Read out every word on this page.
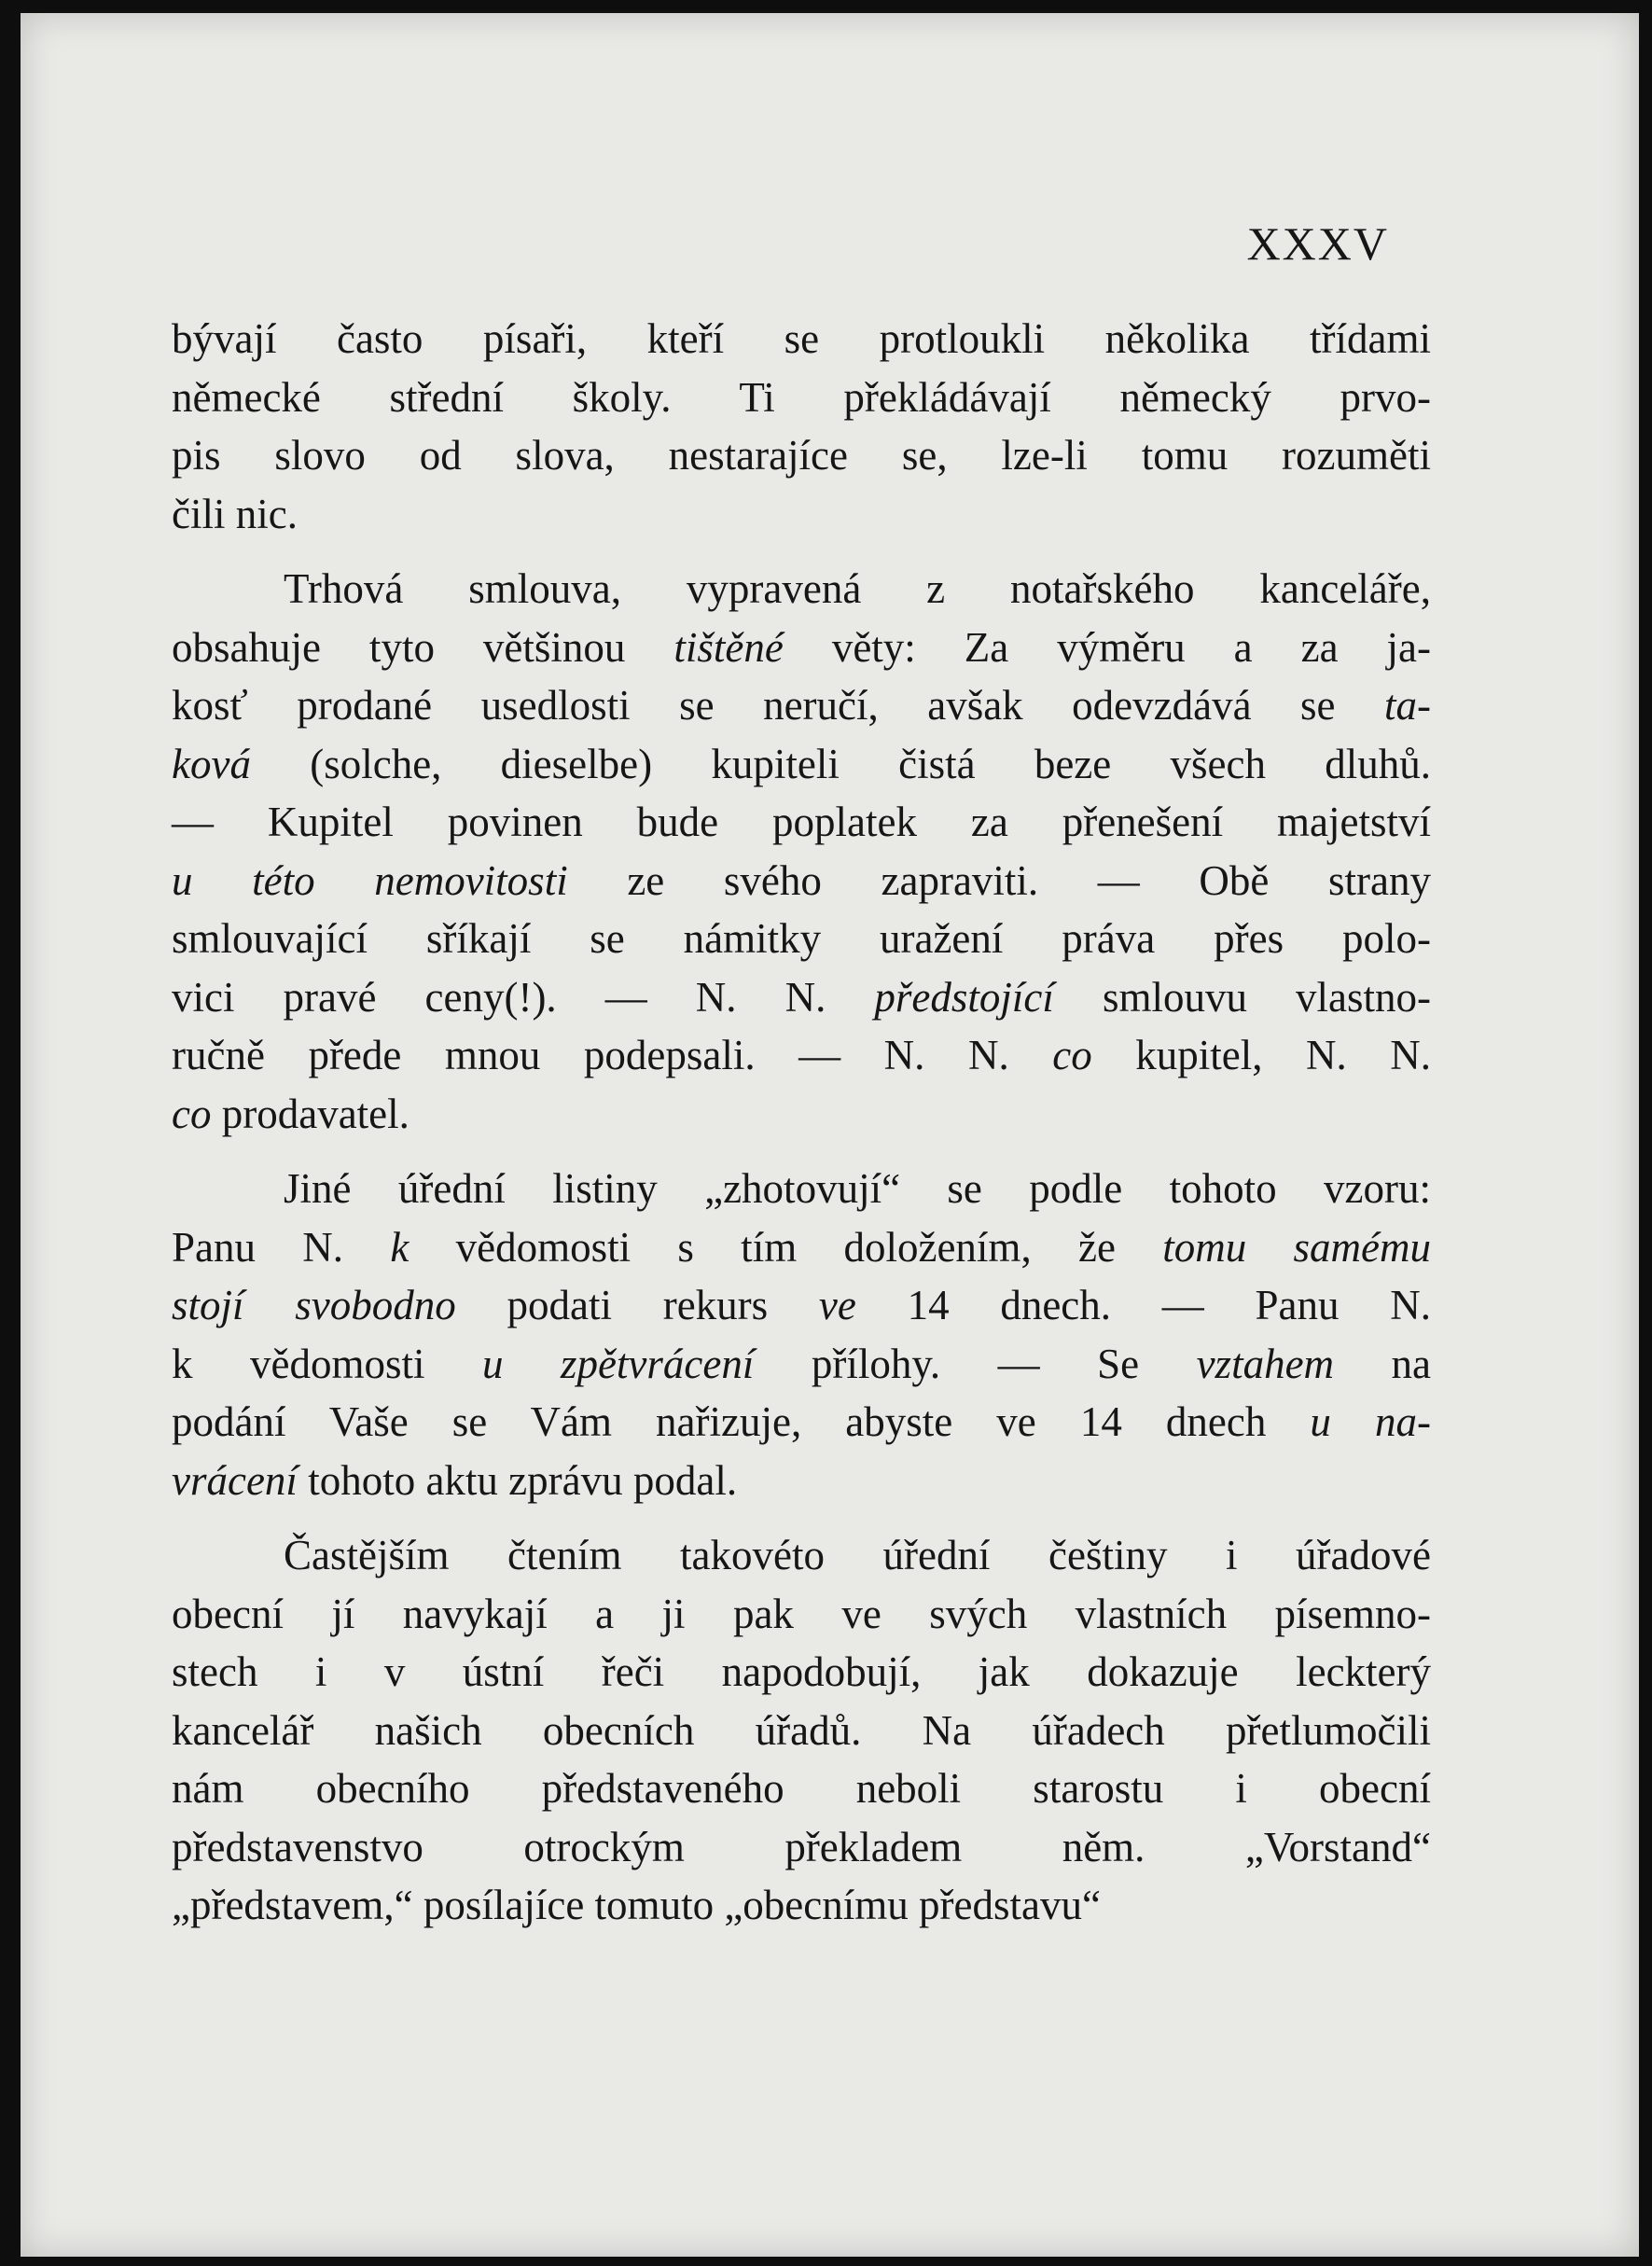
XXXV
bývají často písaři, kteří se protloukli několika třídami
německé střední školy. Ti překládávají německý prvo-
pis slovo od slova, nestarajíce se, lze-li tomu rozuměti
čili nic.
Trhová smlouva, vypravená z notařského kanceláře,
obsahuje tyto většinou tištěné věty: Za výměru a za ja-
kosť prodané usedlosti se neručí, avšak odevzdává se ta-
ková (solche, dieselbe) kupiteli čistá beze všech dluhů.
— Kupitel povinen bude poplatek za přenešení majetství
u této nemovitosti ze svého zapraviti. — Obě strany
smlouvající sříkají se námitky uražení práva přes polo-
vici pravé ceny(!). — N. N. předstojící smlouvu vlastno-
ručně přede mnou podepsali. — N. N. co kupitel, N. N.
co prodavatel.
Jiné úřední listiny „zhotovují“ se podle tohoto vzoru:
Panu N. k vědomosti s tím doložením, že tomu samému
stojí svobodno podati rekurs ve 14 dnech. — Panu N.
k vědomosti u zpětvrácení přílohy. — Se vztahem na
podání Vaše se Vám nařizuje, abyste ve 14 dnech u na-
vrácení tohoto aktu zprávu podal.
Častějším čtením takovéto úřední češtiny i úřadové
obecní jí navykají a ji pak ve svých vlastních písemno-
stech i v ústní řeči napodobují, jak dokazuje leckterý
kancelář našich obecních úřadů. Na úřadech přetlumočili
nám obecního představeného neboli starostu i obecní
představenstvo otrockým překladem něm. „Vorstand“
„představem,“ posílajíce tomuto „obecnímu představu“
